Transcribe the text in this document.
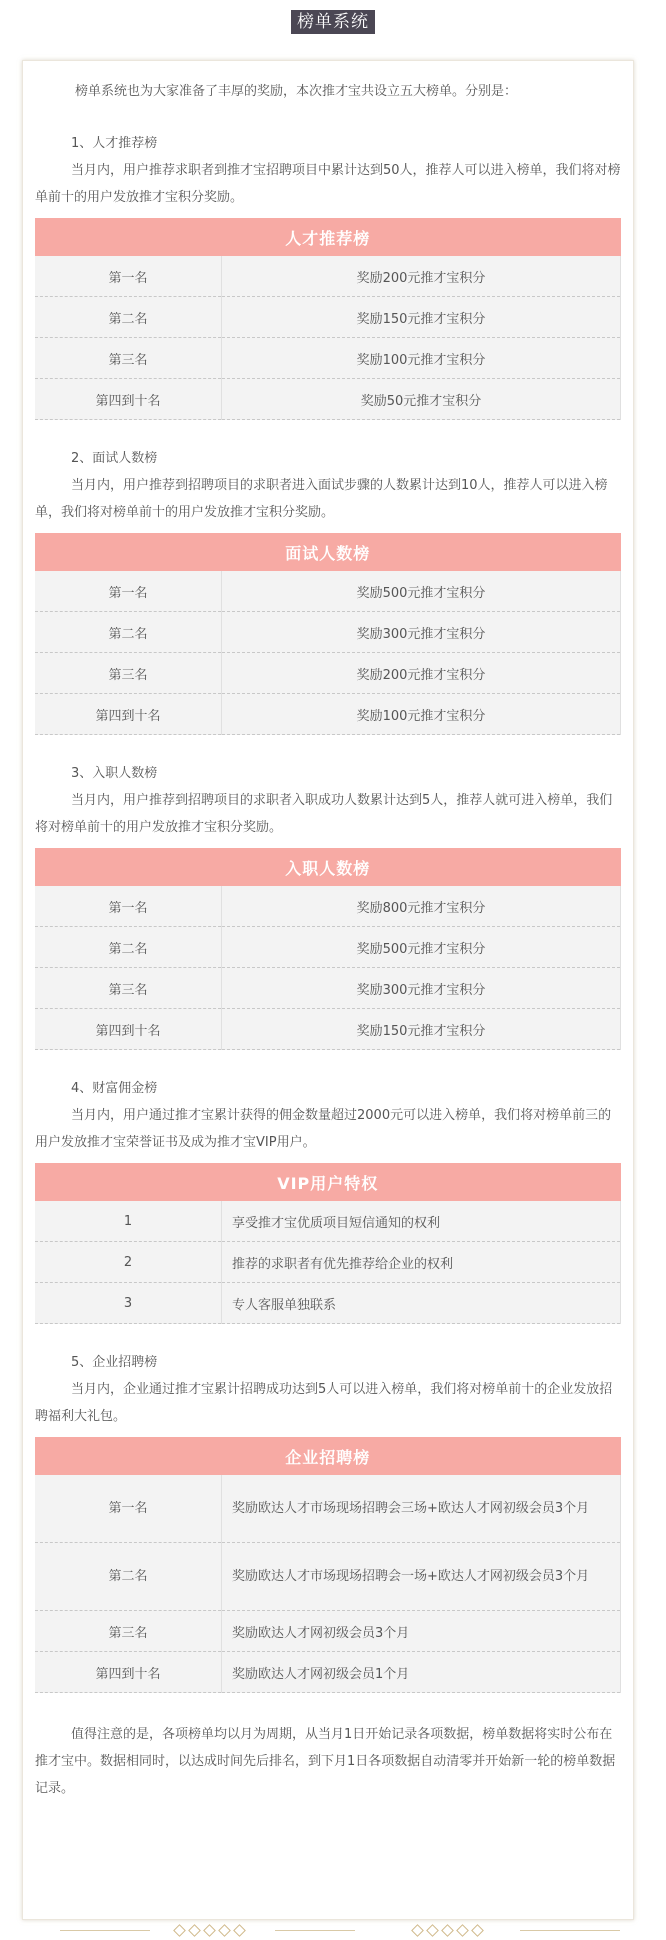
榜单系统

榜单系统也为大家准备了丰厚的奖励，本次推才宝共设立五大榜单。分别是：

1、人才推荐榜

当月内，用户推荐求职者到推才宝招聘项目中累计达到50人，推荐人可以进入榜单，我们将对榜单前十的用户发放推才宝积分奖励。

人才推荐榜	
第一名	奖励200元推才宝积分
第二名	奖励150元推才宝积分
第三名	奖励100元推才宝积分
第四到十名	奖励50元推才宝积分

2、面试人数榜

当月内，用户推荐到招聘项目的求职者进入面试步骤的人数累计达到10人，推荐人可以进入榜单，我们将对榜单前十的用户发放推才宝积分奖励。

面试人数榜	
第一名	奖励500元推才宝积分
第二名	奖励300元推才宝积分
第三名	奖励200元推才宝积分
第四到十名	奖励100元推才宝积分

3、入职人数榜

当月内，用户推荐到招聘项目的求职者入职成功人数累计达到5人，推荐人就可进入榜单，我们将对榜单前十的用户发放推才宝积分奖励。

入职人数榜	
第一名	奖励800元推才宝积分
第二名	奖励500元推才宝积分
第三名	奖励300元推才宝积分
第四到十名	奖励150元推才宝积分

4、财富佣金榜

当月内，用户通过推才宝累计获得的佣金数量超过2000元可以进入榜单，我们将对榜单前三的用户发放推才宝荣誉证书及成为推才宝VIP用户。

VIP用户特权	
1	享受推才宝优质项目短信通知的权利
2	推荐的求职者有优先推荐给企业的权利
3	专人客服单独联系

5、企业招聘榜

当月内，企业通过推才宝累计招聘成功达到5人可以进入榜单，我们将对榜单前十的企业发放招聘福利大礼包。

企业招聘榜	
第一名	奖励欧达人才市场现场招聘会三场+欧达人才网初级会员3个月
第二名	奖励欧达人才市场现场招聘会一场+欧达人才网初级会员3个月
第三名	奖励欧达人才网初级会员3个月
第四到十名	奖励欧达人才网初级会员1个月

值得注意的是，各项榜单均以月为周期，从当月1日开始记录各项数据，榜单数据将实时公布在推才宝中。数据相同时，以达成时间先后排名，到下月1日各项数据自动清零并开始新一轮的榜单数据记录。
